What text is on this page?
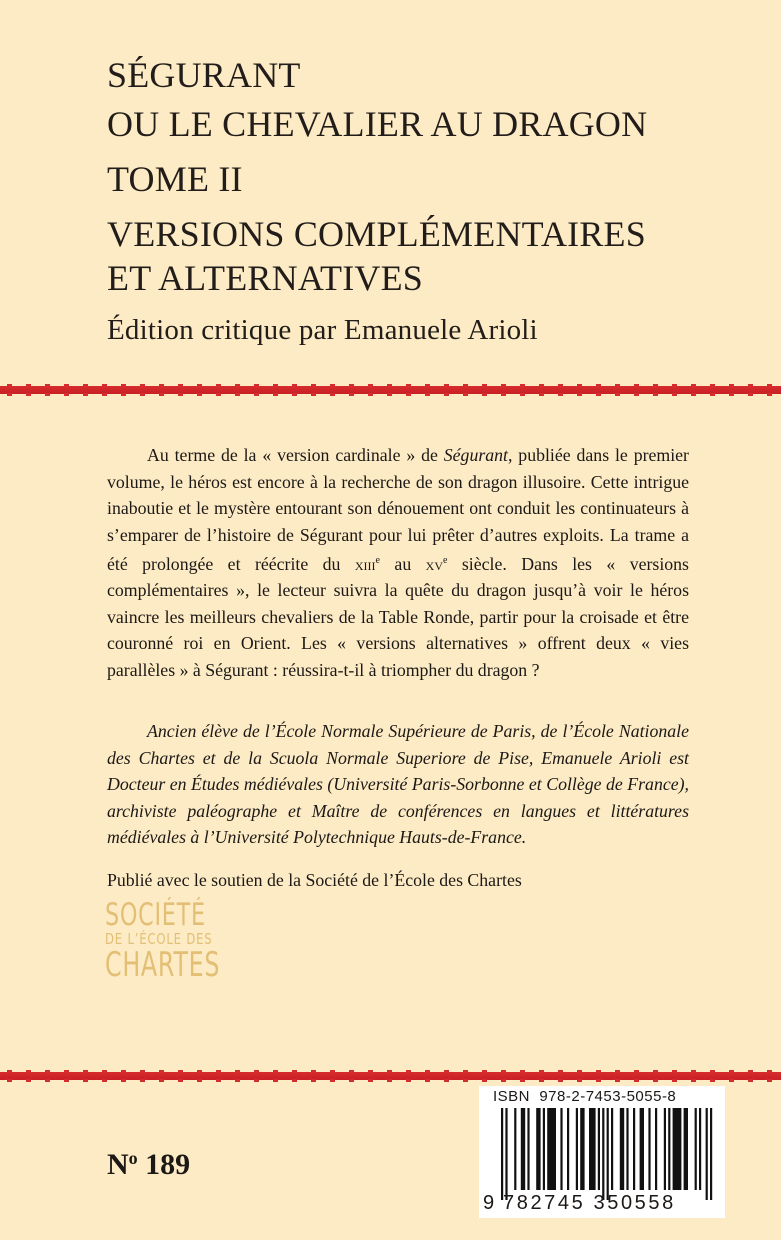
SÉGURANT
OU LE CHEVALIER AU DRAGON
TOME II
VERSIONS COMPLÉMENTAIRES
ET ALTERNATIVES
Édition critique par Emanuele Arioli
Au terme de la « version cardinale » de Ségurant, publiée dans le premier volume, le héros est encore à la recherche de son dragon illusoire. Cette intrigue inaboutie et le mystère entourant son dénouement ont conduit les continuateurs à s’emparer de l’histoire de Ségurant pour lui prêter d’autres exploits. La trame a été prolongée et réécrite du xiii$^e$ au $xv^e$ siècle. Dans les « versions complémentaires », le lecteur suivra la quête du dragon jusqu’à voir le héros vaincre les meilleurs chevaliers de la Table Ronde, partir pour la croisade et être couronné roi en Orient. Les « versions alternatives » offrent deux « vies parallèles » à Ségurant : réussira-t-il à triompher du dragon ?
Ancien élève de l’École Normale Supérieure de Paris, de l’École Nationale des Chartes et de la Scuola Normale Superiore de Pise, Emanuele Arioli est Docteur en Études médiévales (Université Paris-Sorbonne et Collège de France), archiviste paléographe et Maître de conférences en langues et littératures médiévales à l’Université Polytechnique Hauts-de-France.
Publié avec le soutien de la Société de l’École des Chartes
SOCIÉTÉ
DE L’ÉCOLE DES
CHARTES
$N^o$ 189
ISBN  978-2-7453-5055-8
9 782745 350558
